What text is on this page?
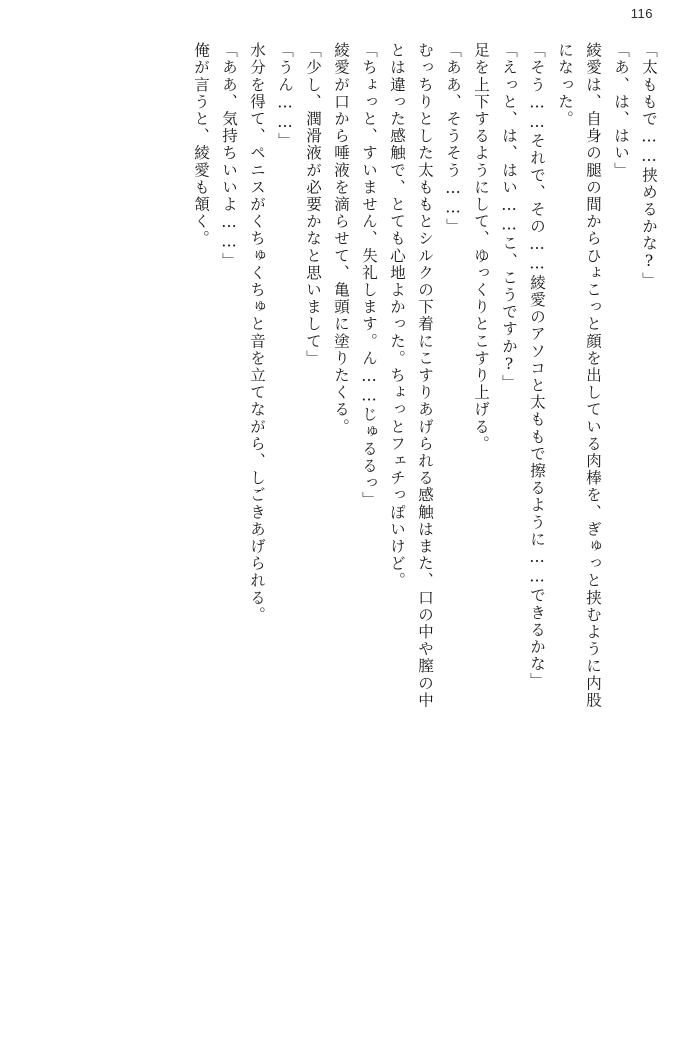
116
「太ももで……挟めるかな?」
「あ、は、はい」
綾愛は、自身の腿の間からひょこっと顔を出している肉棒を、ぎゅっと挟むように内股
になった。
「そう……それで、その……綾愛のアソコと太ももで擦るように……できるかな」
「えっと、は、はい……こ、こうですか?」
足を上下するようにして、ゆっくりとこすり上げる。
「ああ、そうそう……」
むっちりとした太ももとシルクの下着にこすりあげられる感触はまた、口の中や膣の中
とは違った感触で、とても心地よかった。ちょっとフェチっぽいけど。
「ちょっと、すいません、失礼します。ん……じゅるるっ」
綾愛が口から唾液を滴らせて、亀頭に塗りたくる。
「少し、潤滑液が必要かなと思いまして」
「うん……」
水分を得て、ペニスがくちゅくちゅと音を立てながら、しごきあげられる。
「ああ、気持ちいいよ……」
俺が言うと、綾愛も頷く。
